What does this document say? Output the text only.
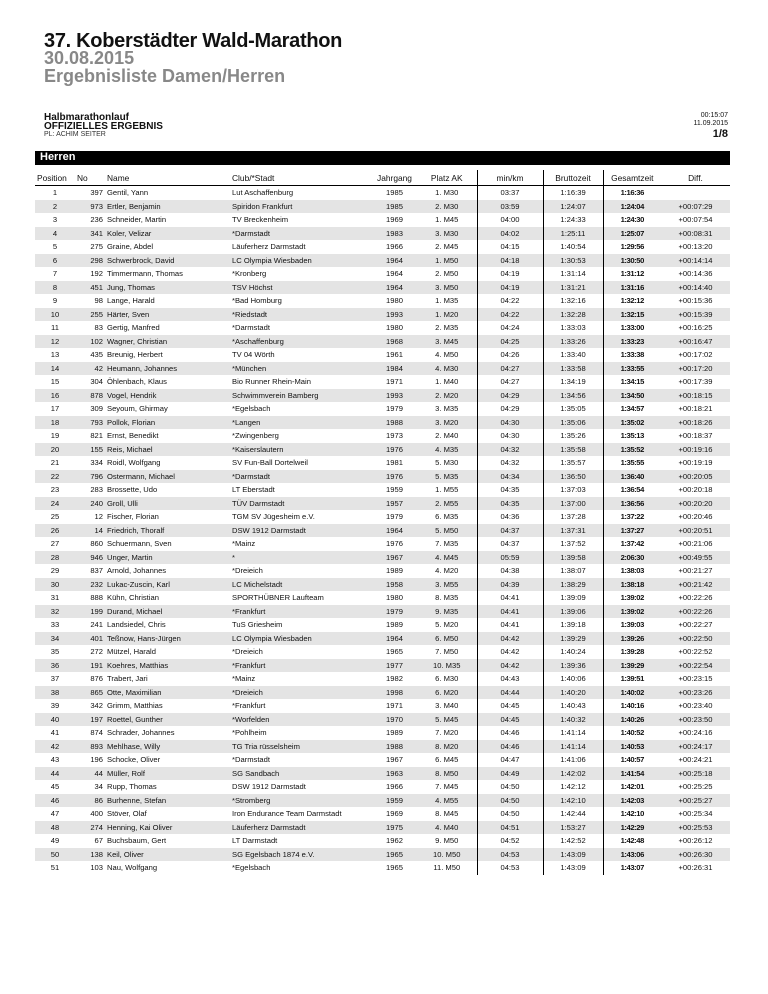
37. Koberstädter Wald-Marathon
30.08.2015
Ergebnisliste Damen/Herren
Halbmarathonlauf
OFFIZIELLES ERGEBNIS
PL: ACHIM SEITER
00:15:07
11.09.2015
1/8
Herren
Position	No	Name	Club/*Stadt	Jahrgang	Platz AK	min/km	Bruttozeit	Gesamtzeit	Diff.
1	397	Gentil, Yann	Lut Aschaffenburg	1985	1. M30	03:37	1:16:39	1:16:36	
2	973	Ertler, Benjamin	Spiridon Frankfurt	1985	2. M30	03:59	1:24:07	1:24:04	+00:07:29
3	236	Schneider, Martin	TV Breckenheim	1969	1. M45	04:00	1:24:33	1:24:30	+00:07:54
4	341	Koler, Velizar	*Darmstadt	1983	3. M30	04:02	1:25:11	1:25:07	+00:08:31
5	275	Graine, Abdel	Läuferherz Darmstadt	1966	2. M45	04:15	1:40:54	1:29:56	+00:13:20
6	298	Schwerbrock, David	LC Olympia Wiesbaden	1964	1. M50	04:18	1:30:53	1:30:50	+00:14:14
7	192	Timmermann, Thomas	*Kronberg	1964	2. M50	04:19	1:31:14	1:31:12	+00:14:36
8	451	Jung, Thomas	TSV Höchst	1964	3. M50	04:19	1:31:21	1:31:16	+00:14:40
9	98	Lange, Harald	*Bad Homburg	1980	1. M35	04:22	1:32:16	1:32:12	+00:15:36
10	255	Härter, Sven	*Riedstadt	1993	1. M20	04:22	1:32:28	1:32:15	+00:15:39
11	83	Gertig, Manfred	*Darmstadt	1980	2. M35	04:24	1:33:03	1:33:00	+00:16:25
12	102	Wagner, Christian	*Aschaffenburg	1968	3. M45	04:25	1:33:26	1:33:23	+00:16:47
13	435	Breunig, Herbert	TV 04 Wörth	1961	4. M50	04:26	1:33:40	1:33:38	+00:17:02
14	42	Heumann, Johannes	*München	1984	4. M30	04:27	1:33:58	1:33:55	+00:17:20
15	304	Öhlenbach, Klaus	Bio Runner Rhein-Main	1971	1. M40	04:27	1:34:19	1:34:15	+00:17:39
16	878	Vogel, Hendrik	Schwimmverein Bamberg	1993	2. M20	04:29	1:34:56	1:34:50	+00:18:15
17	309	Seyoum, Ghirmay	*Egelsbach	1979	3. M35	04:29	1:35:05	1:34:57	+00:18:21
18	793	Pollok, Florian	*Langen	1988	3. M20	04:30	1:35:06	1:35:02	+00:18:26
19	821	Ernst, Benedikt	*Zwingenberg	1973	2. M40	04:30	1:35:26	1:35:13	+00:18:37
20	155	Reis, Michael	*Kaiserslautern	1976	4. M35	04:32	1:35:58	1:35:52	+00:19:16
21	334	Roidl, Wolfgang	SV Fun-Ball Dortelweil	1981	5. M30	04:32	1:35:57	1:35:55	+00:19:19
22	796	Ostermann, Michael	*Darmstadt	1976	5. M35	04:34	1:36:50	1:36:40	+00:20:05
23	283	Brossette, Udo	LT Eberstadt	1959	1. M55	04:35	1:37:03	1:36:54	+00:20:18
24	240	Groll, Ulli	TÜV Darmstadt	1957	2. M55	04:35	1:37:00	1:36:56	+00:20:20
25	12	Fischer, Florian	TGM SV Jügesheim e.V.	1979	6. M35	04:36	1:37:28	1:37:22	+00:20:46
26	14	Friedrich, Thoralf	DSW 1912 Darmstadt	1964	5. M50	04:37	1:37:31	1:37:27	+00:20:51
27	860	Schuermann, Sven	*Mainz	1976	7. M35	04:37	1:37:52	1:37:42	+00:21:06
28	946	Unger, Martin	*	1967	4. M45	05:59	1:39:58	2:06:30	+00:49:55
29	837	Arnold, Johannes	*Dreieich	1989	4. M20	04:38	1:38:07	1:38:03	+00:21:27
30	232	Lukac-Zuscin, Karl	LC Michelstadt	1958	3. M55	04:39	1:38:29	1:38:18	+00:21:42
31	888	Kühn, Christian	SPORTHÜBNER Laufteam	1980	8. M35	04:41	1:39:09	1:39:02	+00:22:26
32	199	Durand, Michael	*Frankfurt	1979	9. M35	04:41	1:39:06	1:39:02	+00:22:26
33	241	Landsiedel, Chris	TuS Griesheim	1989	5. M20	04:41	1:39:18	1:39:03	+00:22:27
34	401	Teßnow, Hans-Jürgen	LC Olympia Wiesbaden	1964	6. M50	04:42	1:39:29	1:39:26	+00:22:50
35	272	Mützel, Harald	*Dreieich	1965	7. M50	04:42	1:40:24	1:39:28	+00:22:52
36	191	Koehres, Matthias	*Frankfurt	1977	10. M35	04:42	1:39:36	1:39:29	+00:22:54
37	876	Trabert, Jari	*Mainz	1982	6. M30	04:43	1:40:06	1:39:51	+00:23:15
38	865	Otte, Maximilian	*Dreieich	1998	6. M20	04:44	1:40:20	1:40:02	+00:23:26
39	342	Grimm, Matthias	*Frankfurt	1971	3. M40	04:45	1:40:43	1:40:16	+00:23:40
40	197	Roettel, Gunther	*Worfelden	1970	5. M45	04:45	1:40:32	1:40:26	+00:23:50
41	874	Schrader, Johannes	*Pohlheim	1989	7. M20	04:46	1:41:14	1:40:52	+00:24:16
42	893	Mehlhase, Willy	TG Tria rüsselsheim	1988	8. M20	04:46	1:41:14	1:40:53	+00:24:17
43	196	Schocke, Oliver	*Darmstadt	1967	6. M45	04:47	1:41:06	1:40:57	+00:24:21
44	44	Müller, Rolf	SG Sandbach	1963	8. M50	04:49	1:42:02	1:41:54	+00:25:18
45	34	Rupp, Thomas	DSW 1912 Darmstadt	1966	7. M45	04:50	1:42:12	1:42:01	+00:25:25
46	86	Burhenne, Stefan	*Stromberg	1959	4. M55	04:50	1:42:10	1:42:03	+00:25:27
47	400	Stöver, Olaf	Iron Endurance Team Darmstadt	1969	8. M45	04:50	1:42:44	1:42:10	+00:25:34
48	274	Henning, Kai Oliver	Läuferherz Darmstadt	1975	4. M40	04:51	1:53:27	1:42:29	+00:25:53
49	67	Buchsbaum, Gert	LT Darmstadt	1962	9. M50	04:52	1:42:52	1:42:48	+00:26:12
50	138	Keil, Oliver	SG Egelsbach 1874 e.V.	1965	10. M50	04:53	1:43:09	1:43:06	+00:26:30
51	103	Nau, Wolfgang	*Egelsbach	1965	11. M50	04:53	1:43:09	1:43:07	+00:26:31
